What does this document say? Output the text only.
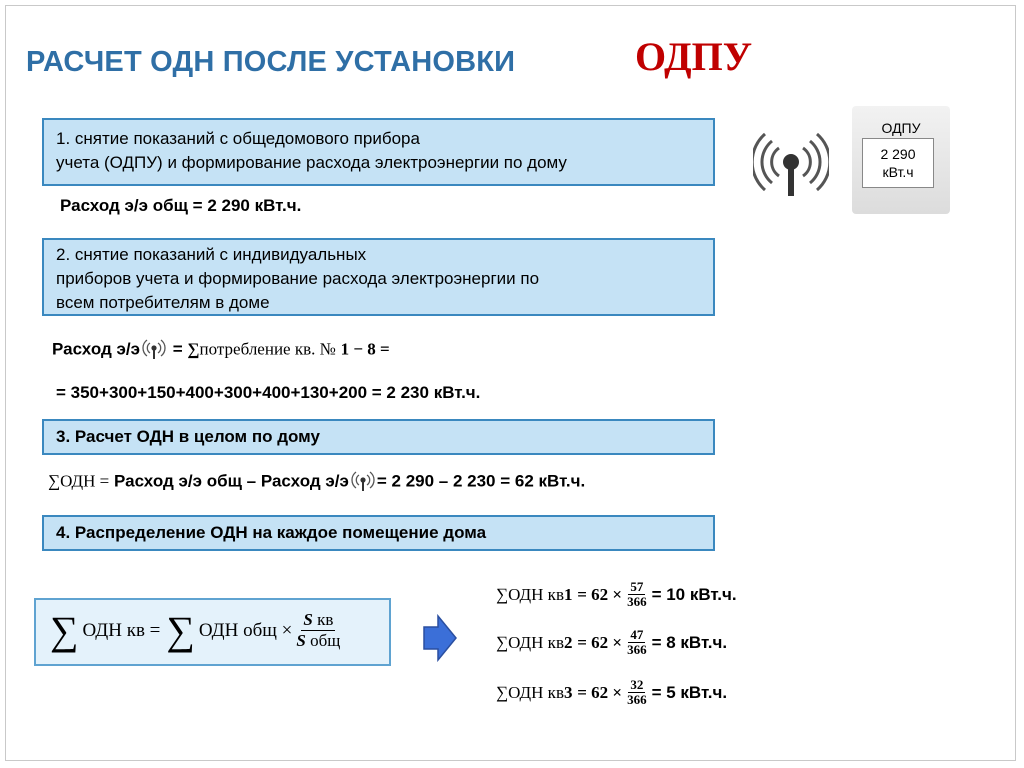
РАСЧЕТ ОДН ПОСЛЕ УСТАНОВКИ	ОДПУ
ОДПУ
2 290
кВт.ч
1. снятие показаний с общедомового прибора
учета (ОДПУ) и формирование расхода электроэнергии по дому
Расход э/э общ = 2 290 кВт.ч.
2. снятие показаний с индивидуальных
приборов учета и формирование расхода электроэнергии по
всем потребителям в доме
Расход э/э = ∑потребление кв. № 1 − 8 =
= 350+300+150+400+300+400+130+200 = 2 230 кВт.ч.
3. Расчет ОДН в целом по дому
∑ОДН = Расход э/э общ – Расход э/э = 2 290 – 2 230 = 62 кВт.ч.
4. Распределение ОДН на каждое помещение дома
∑ ОДН кв = ∑ ОДН общ × $\frac{\text{S кв}}{\text{S общ}}$
∑ ОДН кв 1
= $62 \times \frac{57}{366} = 10$ кВт.ч.
∑ ОДН кв 2
= $62 \times \frac{47}{366} = 8$ кВт.ч.
∑ ОДН кв 3
= $62 \times \frac{32}{366} = 5$ кВт.ч.
